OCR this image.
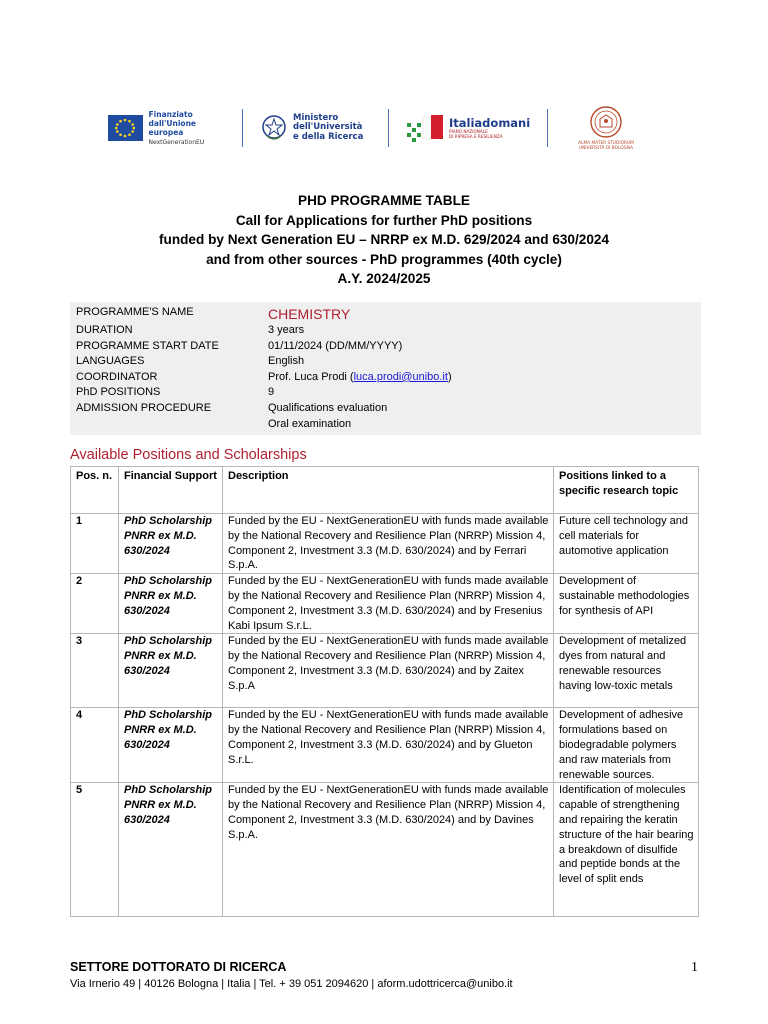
Finanziato
dall'Unione europea
NextGenerationEU
Ministero
dell'Università
e della Ricerca
Italiadomani
PIANO NAZIONALE
DI RIPRESA E RESILIENZA
ALMA MATER STUDIORUM
UNIVERSITÀ DI BOLOGNA
PHD PROGRAMME TABLE
Call for Applications for further PhD positions
funded by Next Generation EU – NRRP ex M.D. 629/2024 and 630/2024
and from other sources - PhD programmes (40th cycle)
A.Y. 2024/2025
PROGRAMME'S NAME	CHEMISTRY
DURATION	3 years
PROGRAMME START DATE	01/11/2024 (DD/MM/YYYY)
LANGUAGES	English
COORDINATOR	Prof. Luca Prodi (luca.prodi@unibo.it)
PhD POSITIONS	9
ADMISSION PROCEDURE	Qualifications evaluation
Oral examination
Available Positions and Scholarships
Pos. n.	Financial Support	Description	Positions linked to a specific research topic
1	PhD Scholarship PNRR ex M.D. 630/2024	Funded by the EU - NextGenerationEU with funds made available by the National Recovery and Resilience Plan (NRRP) Mission 4, Component 2, Investment 3.3 (M.D. 630/2024) and by Ferrari S.p.A.	Future cell technology and cell materials for automotive application
2	PhD Scholarship PNRR ex M.D. 630/2024	Funded by the EU - NextGenerationEU with funds made available by the National Recovery and Resilience Plan (NRRP) Mission 4, Component 2, Investment 3.3 (M.D. 630/2024) and by Fresenius Kabi Ipsum S.r.L.	Development of sustainable methodologies for synthesis of API
3	PhD Scholarship PNRR ex M.D. 630/2024	Funded by the EU - NextGenerationEU with funds made available by the National Recovery and Resilience Plan (NRRP) Mission 4, Component 2, Investment 3.3 (M.D. 630/2024) and by Zaitex S.p.A	Development of metalized dyes from natural and renewable resources having low-toxic metals
4	PhD Scholarship PNRR ex M.D. 630/2024	Funded by the EU - NextGenerationEU with funds made available by the National Recovery and Resilience Plan (NRRP) Mission 4, Component 2, Investment 3.3 (M.D. 630/2024) and by Glueton S.r.L.	Development of adhesive formulations based on biodegradable polymers and raw materials from renewable sources.
5	PhD Scholarship PNRR ex M.D. 630/2024	Funded by the EU - NextGenerationEU with funds made available by the National Recovery and Resilience Plan (NRRP) Mission 4, Component 2, Investment 3.3 (M.D. 630/2024) and by Davines S.p.A.	Identification of molecules capable of strengthening and repairing the keratin structure of the hair bearing a breakdown of disulfide and peptide bonds at the level of split ends
SETTORE DOTTORATO DI RICERCA
Via Irnerio 49 | 40126 Bologna | Italia | Tel. + 39 051 2094620 | aform.udottricerca@unibo.it
1
